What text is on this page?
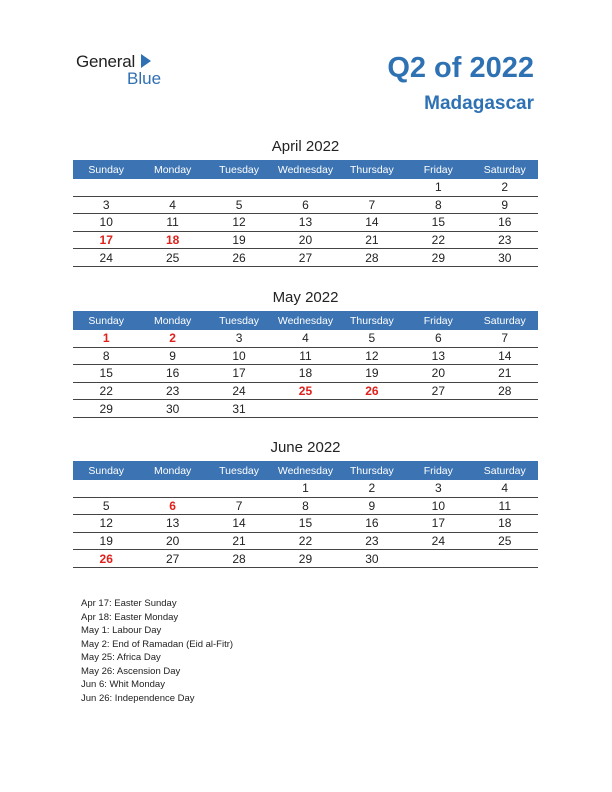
General
Blue	Q2 of 2022
Madagascar
April 2022
Sunday	Monday	Tuesday	Wednesday	Thursday	Friday	Saturday
					1	2
3	4	5	6	7	8	9
10	11	12	13	14	15	16
17	18	19	20	21	22	23
24	25	26	27	28	29	30
May 2022
Sunday	Monday	Tuesday	Wednesday	Thursday	Friday	Saturday
1	2	3	4	5	6	7
8	9	10	11	12	13	14
15	16	17	18	19	20	21
22	23	24	25	26	27	28
29	30	31				
June 2022
Sunday	Monday	Tuesday	Wednesday	Thursday	Friday	Saturday
			1	2	3	4
5	6	7	8	9	10	11
12	13	14	15	16	17	18
19	20	21	22	23	24	25
26	27	28	29	30		
Apr 17: Easter Sunday
Apr 18: Easter Monday
May 1: Labour Day
May 2: End of Ramadan (Eid al-Fitr)
May 25: Africa Day
May 26: Ascension Day
Jun 6: Whit Monday
Jun 26: Independence Day
